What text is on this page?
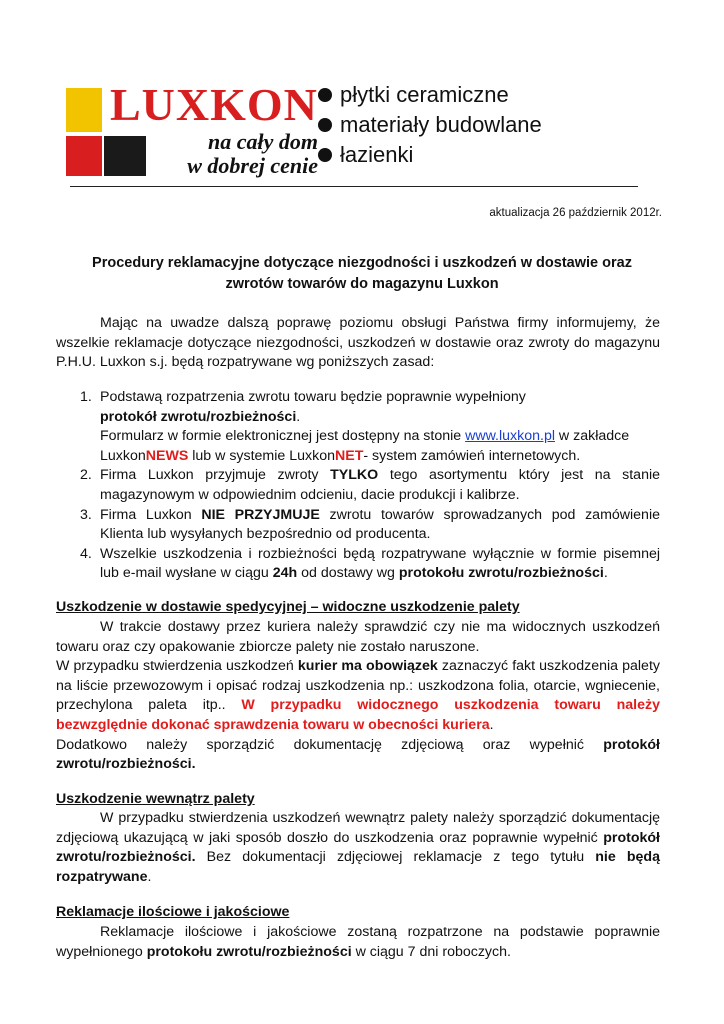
LUXKON
na cały dom
w dobrej cenie
płytki ceramiczne
materiały budowlane
łazienki
aktualizacja 26 październik 2012r.
Procedury reklamacyjne dotyczące niezgodności i uszkodzeń w dostawie oraz
zwrotów towarów do magazynu Luxkon
Mając na uwadze dalszą poprawę poziomu obsługi Państwa firmy informujemy, że wszelkie reklamacje dotyczące niezgodności, uszkodzeń w dostawie oraz zwroty do magazynu P.H.U. Luxkon s.j. będą rozpatrywane wg poniższych zasad:
1. Podstawą rozpatrzenia zwrotu towaru będzie poprawnie wypełniony
protokół zwrotu/rozbieżności.
Formularz w formie elektronicznej jest dostępny na stonie www.luxkon.pl w zakładce LuxkonNEWS lub w systemie LuxkonNET- system zamówień internetowych.
2. Firma Luxkon przyjmuje zwroty TYLKO tego asortymentu który jest na stanie magazynowym w odpowiednim odcieniu, dacie produkcji i kalibrze.
3. Firma Luxkon NIE PRZYJMUJE zwrotu towarów sprowadzanych pod zamówienie Klienta lub wysyłanych bezpośrednio od producenta.
4. Wszelkie uszkodzenia i rozbieżności będą rozpatrywane wyłącznie w formie pisemnej lub e-mail wysłane w ciągu 24h od dostawy wg protokołu zwrotu/rozbieżności.
Uszkodzenie w dostawie spedycyjnej – widoczne uszkodzenie palety
W trakcie dostawy przez kuriera należy sprawdzić czy nie ma widocznych uszkodzeń towaru oraz czy opakowanie zbiorcze palety nie zostało naruszone.
W przypadku stwierdzenia uszkodzeń kurier ma obowiązek zaznaczyć fakt uszkodzenia palety na liście przewozowym i opisać rodzaj uszkodzenia np.: uszkodzona folia, otarcie, wgniecenie, przechylona paleta itp.. W przypadku widocznego uszkodzenia towaru należy bezwzględnie dokonać sprawdzenia towaru w obecności kuriera.
Dodatkowo należy sporządzić dokumentację zdjęciową oraz wypełnić protokół zwrotu/rozbieżności.
Uszkodzenie wewnątrz palety
W przypadku stwierdzenia uszkodzeń wewnątrz palety należy sporządzić dokumentację zdjęciową ukazującą w jaki sposób doszło do uszkodzenia oraz poprawnie wypełnić protokół zwrotu/rozbieżności. Bez dokumentacji zdjęciowej reklamacje z tego tytułu nie będą rozpatrywane.
Reklamacje ilościowe i jakościowe
Reklamacje ilościowe i jakościowe zostaną rozpatrzone na podstawie poprawnie wypełnionego protokołu zwrotu/rozbieżności w ciągu 7 dni roboczych.
